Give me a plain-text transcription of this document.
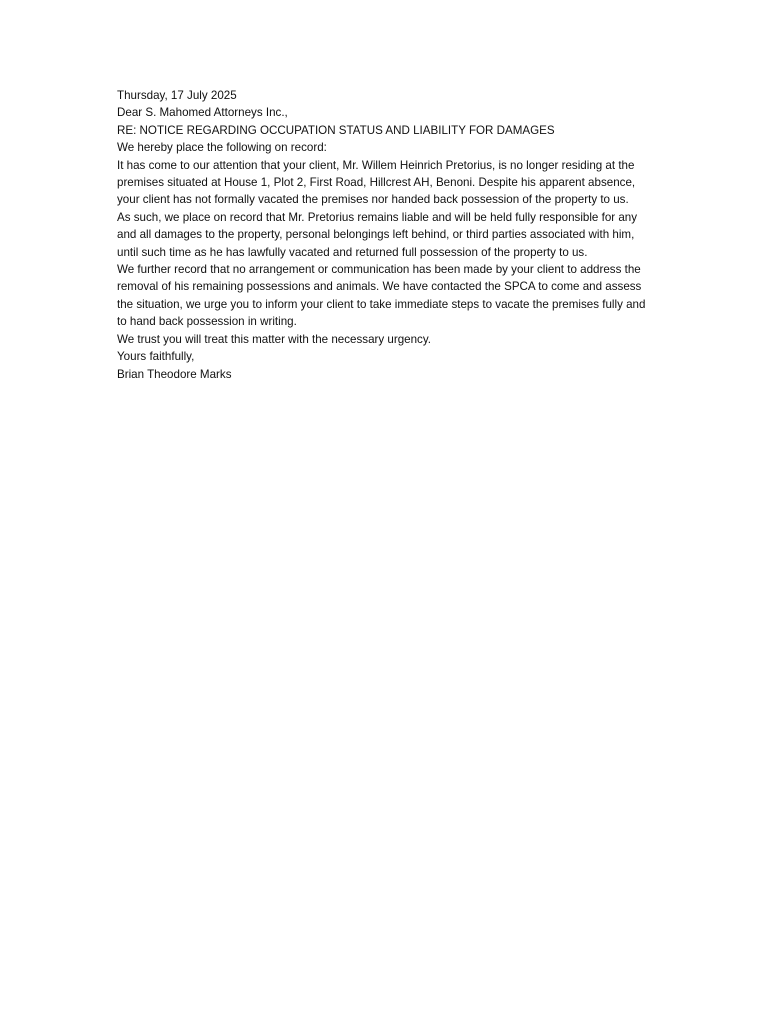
Thursday, 17 July 2025

Dear S. Mahomed Attorneys Inc.,

RE: NOTICE REGARDING OCCUPATION STATUS AND LIABILITY FOR DAMAGES

We hereby place the following on record:

It has come to our attention that your client, Mr. Willem Heinrich Pretorius, is no longer residing at the premises situated at House 1, Plot 2, First Road, Hillcrest AH, Benoni. Despite his apparent absence, your client has not formally vacated the premises nor handed back possession of the property to us.

As such, we place on record that Mr. Pretorius remains liable and will be held fully responsible for any and all damages to the property, personal belongings left behind, or third parties associated with him, until such time as he has lawfully vacated and returned full possession of the property to us.

We further record that no arrangement or communication has been made by your client to address the removal of his remaining possessions and animals. We have contacted the SPCA to come and assess the situation, we urge you to inform your client to take immediate steps to vacate the premises fully and to hand back possession in writing.

We trust you will treat this matter with the necessary urgency.

Yours faithfully,

Brian Theodore Marks
